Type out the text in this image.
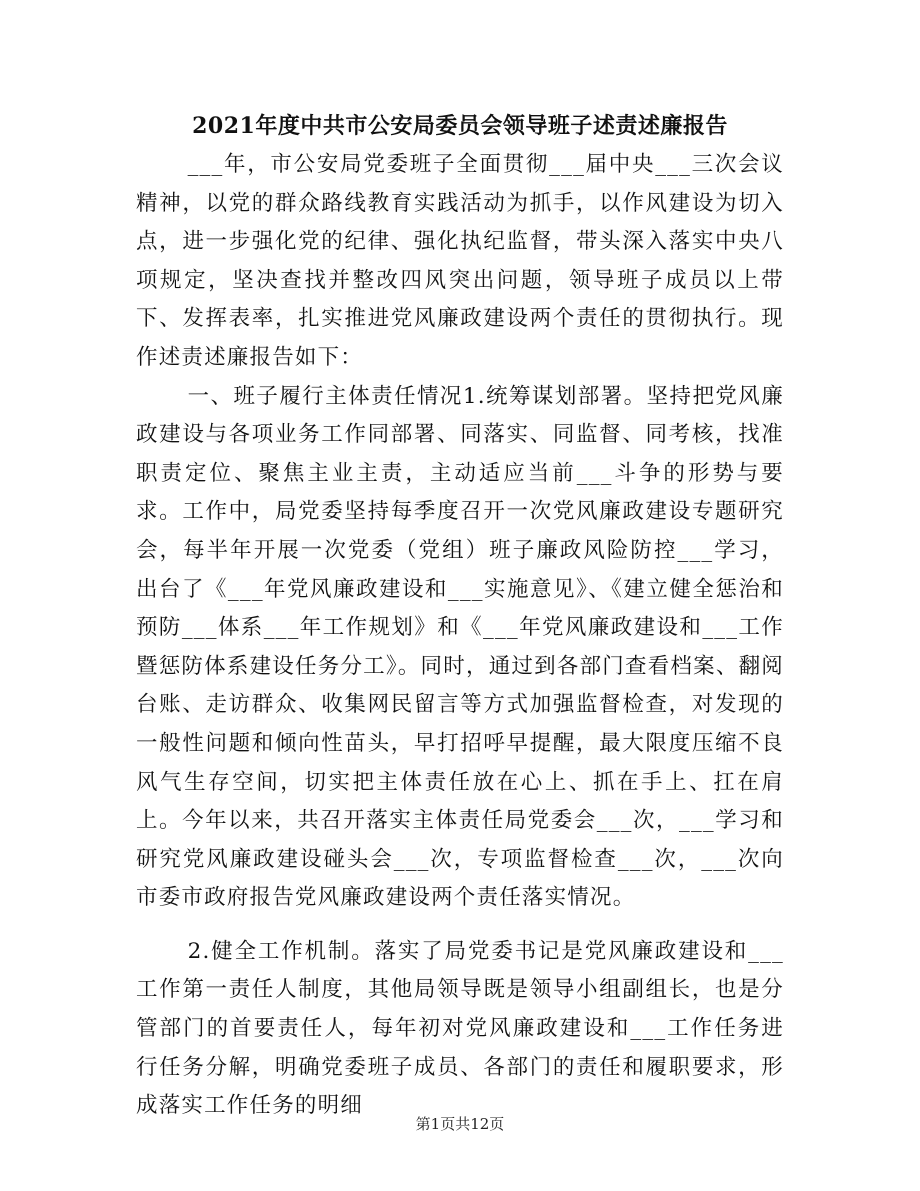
2021年度中共市公安局委员会领导班子述责述廉报告

___年，市公安局党委班子全面贯彻___届中央___三次会议精神，以党的群众路线教育实践活动为抓手，以作风建设为切入点，进一步强化党的纪律、强化执纪监督，带头深入落实中央八项规定，坚决查找并整改四风突出问题，领导班子成员以上带下、发挥表率，扎实推进党风廉政建设两个责任的贯彻执行。现作述责述廉报告如下：

一、班子履行主体责任情况1.统筹谋划部署。坚持把党风廉政建设与各项业务工作同部署、同落实、同监督、同考核，找准职责定位、聚焦主业主责，主动适应当前___斗争的形势与要求。工作中，局党委坚持每季度召开一次党风廉政建设专题研究会，每半年开展一次党委（党组）班子廉政风险防控___学习，出台了《___年党风廉政建设和___实施意见》、《建立健全惩治和预防___体系___年工作规划》和《___年党风廉政建设和___工作暨惩防体系建设任务分工》。同时，通过到各部门查看档案、翻阅台账、走访群众、收集网民留言等方式加强监督检查，对发现的一般性问题和倾向性苗头，早打招呼早提醒，最大限度压缩不良风气生存空间，切实把主体责任放在心上、抓在手上、扛在肩上。今年以来，共召开落实主体责任局党委会___次，___学习和研究党风廉政建设碰头会___次，专项监督检查___次，___次向市委市政府报告党风廉政建设两个责任落实情况。

2.健全工作机制。落实了局党委书记是党风廉政建设和___工作第一责任人制度，其他局领导既是领导小组副组长，也是分管部门的首要责任人，每年初对党风廉政建设和___工作任务进行任务分解，明确党委班子成员、各部门的责任和履职要求，形成落实工作任务的明细

第1页共12页
